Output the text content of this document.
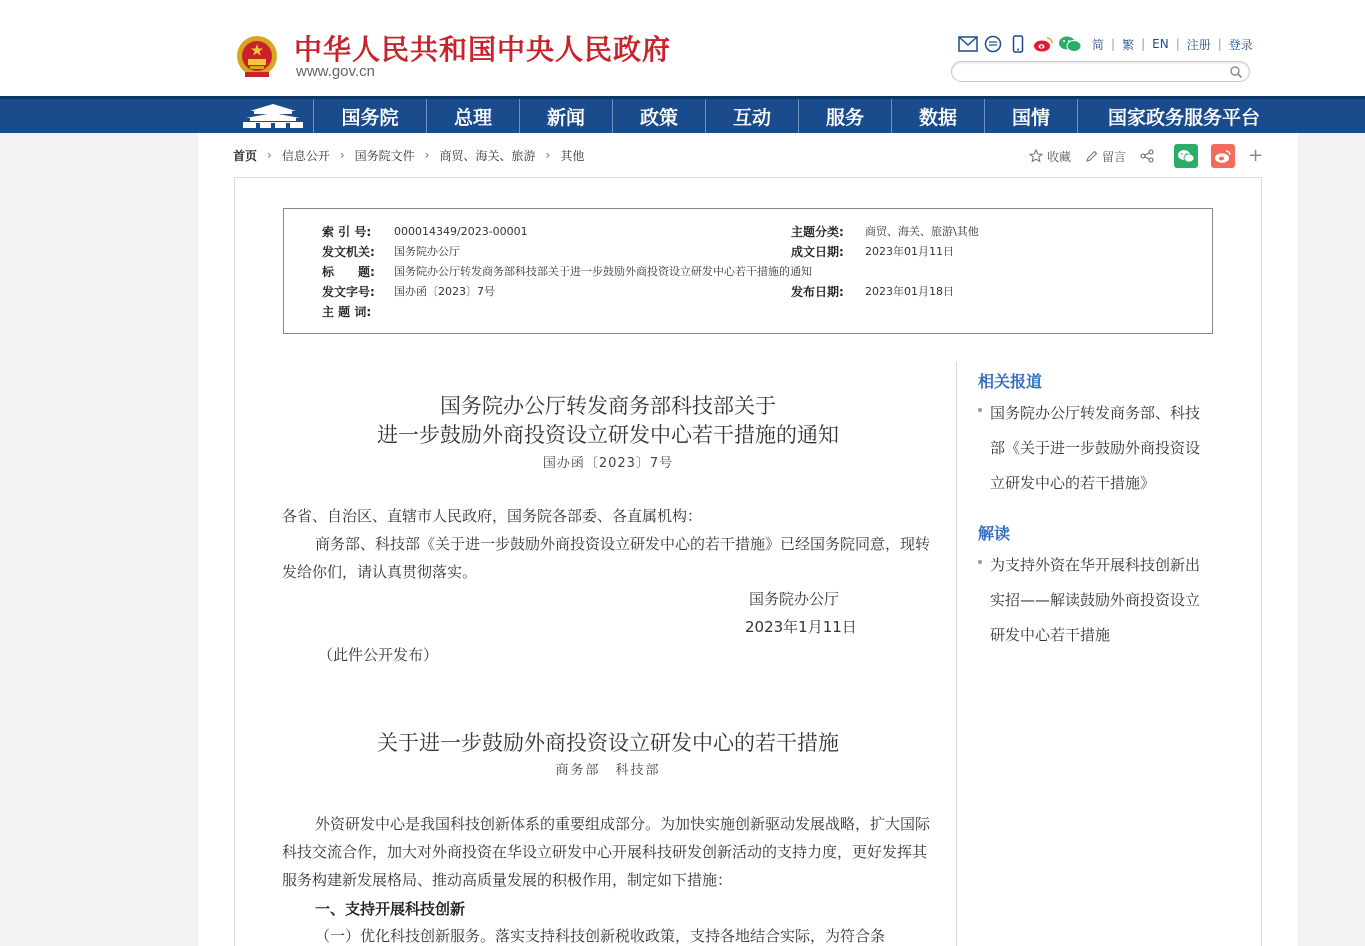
中华人民共和国中央人民政府
www.gov.cn
简 | 繁 | EN | 注册 | 登录
国务院	总理	新闻	政策	互动	服务	数据	国情	国家政务服务平台
首页 › 信息公开 › 国务院文件 › 商贸、海关、旅游 › 其他	收藏	留言	+
索 引 号:	000014349/2023-00001	主题分类:	商贸、海关、旅游\其他
发文机关:	国务院办公厅	成文日期:	2023年01月11日
标　　题:	国务院办公厅转发商务部科技部关于进一步鼓励外商投资设立研发中心若干措施的通知
发文字号:	国办函〔2023〕7号	发布日期:	2023年01月18日
主 题 词:
国务院办公厅转发商务部科技部关于
进一步鼓励外商投资设立研发中心若干措施的通知
国办函〔2023〕7号
各省、自治区、直辖市人民政府，国务院各部委、各直属机构：
商务部、科技部《关于进一步鼓励外商投资设立研发中心的若干措施》已经国务院同意，现转发给你们，请认真贯彻落实。
国务院办公厅
2023年1月11日
（此件公开发布）
关于进一步鼓励外商投资设立研发中心的若干措施
商务部　科技部
外资研发中心是我国科技创新体系的重要组成部分。为加快实施创新驱动发展战略，扩大国际科技交流合作，加大对外商投资在华设立研发中心开展科技研发创新活动的支持力度，更好发挥其服务构建新发展格局、推动高质量发展的积极作用，制定如下措施：
一、支持开展科技创新
（一）优化科技创新服务。落实支持科技创新税收政策，支持各地结合实际，为符合条
相关报道
国务院办公厅转发商务部、科技部《关于进一步鼓励外商投资设立研发中心的若干措施》
解读
为支持外资在华开展科技创新出实招——解读鼓励外商投资设立研发中心若干措施
